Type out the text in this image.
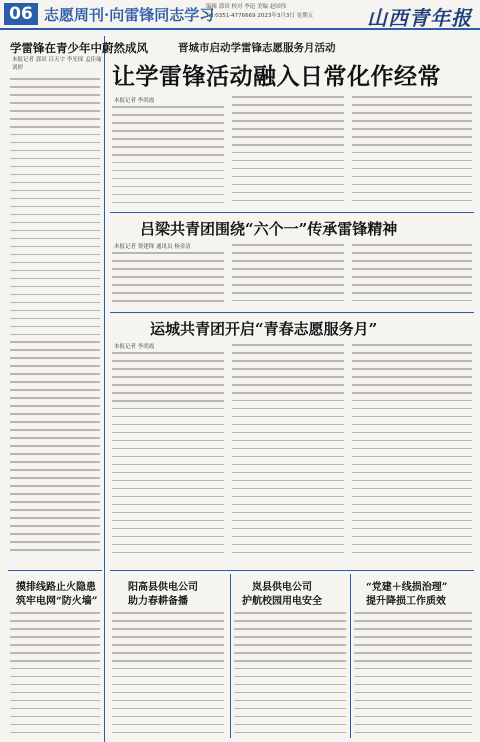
06 志愿周刊·向雷锋同志学习
编辑 郭田 校对 李迅 美编 赵国伟
Tel:0351-4776669 2023年3月3日 星期五	山西青年报
学雷锋在青少年中蔚然成风
本报记者 郭田 吕天宇 李光琛 孟佳瑜 刘婷
摸排线路止火隐患
筑牢电网“防火墙”
晋城市启动学雷锋志愿服务月活动
让学雷锋活动融入日常化作经常
本报记者 李尚霞
吕梁共青团围绕“六个一”传承雷锋精神
本报记者 贾建锋 通讯员 杨金清
运城共青团开启“青春志愿服务月”
本报记者 李尚霞
阳高县供电公司
助力春耕备播
岚县供电公司
护航校园用电安全
“党建＋线损治理”
提升降损工作质效
